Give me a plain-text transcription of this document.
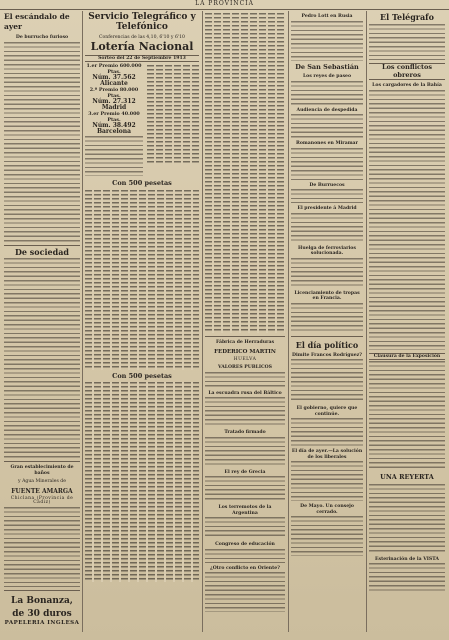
LA PROVINCIA
El escándalo de ayer
De burrucho furioso
De sociedad
Gran establecimiento de baños
y Agua Minerales de
FUENTE AMARGA
Chiclana (Provincia de Cádiz)
La Bonanza, de 30 duros
PAPELERIA INGLESA
Servicio Telegráfico y Telefónico
Conferencias de las 4,10, 6'10 y 6'10
Lotería Nacional
Sorteo del 22 de Septiembre 1913
1.er Premio 600.000 Ptas.
Núm. 37.562 Alicante
2.º Premio 80.000 Ptas.
Núm. 27.312 Madrid
3.er Premio 40.000 Ptas.
Núm. 38.492 Barcelona
Con 500 pesetas
Con 500 pesetas
Fábrica de Herraduras
FEDERICO MARTIN
HUELVA
VALORES PUBLICOS
La escuadra rusa del Báltico
Tratado firmado
El rey de Grecia
Los terremotos de la Argentina
Congreso de educación
¿Otro conflicto en Oriente?
Pedro Lott en Rusia
De San Sebastián
Los reyes de paseo
Audiencia de despedida
Romanones en Miramar
De Burruecos
El presidente á Madrid
Huelga de ferroviarios solucionada.
Licenciamiento de tropas en Francia.
El día político
Dimite Francos Rodríguez?
El gobierno, quiere que continúe.
El día de ayer.—La solución de los liberales
De Mayo. Un consejo cerrado.
El Telégrafo
Los conflictos obreros
Los cargadores de la Bahía
Clausura de la Exposición
UNA REYERTA
Esterinación de la VISTA
